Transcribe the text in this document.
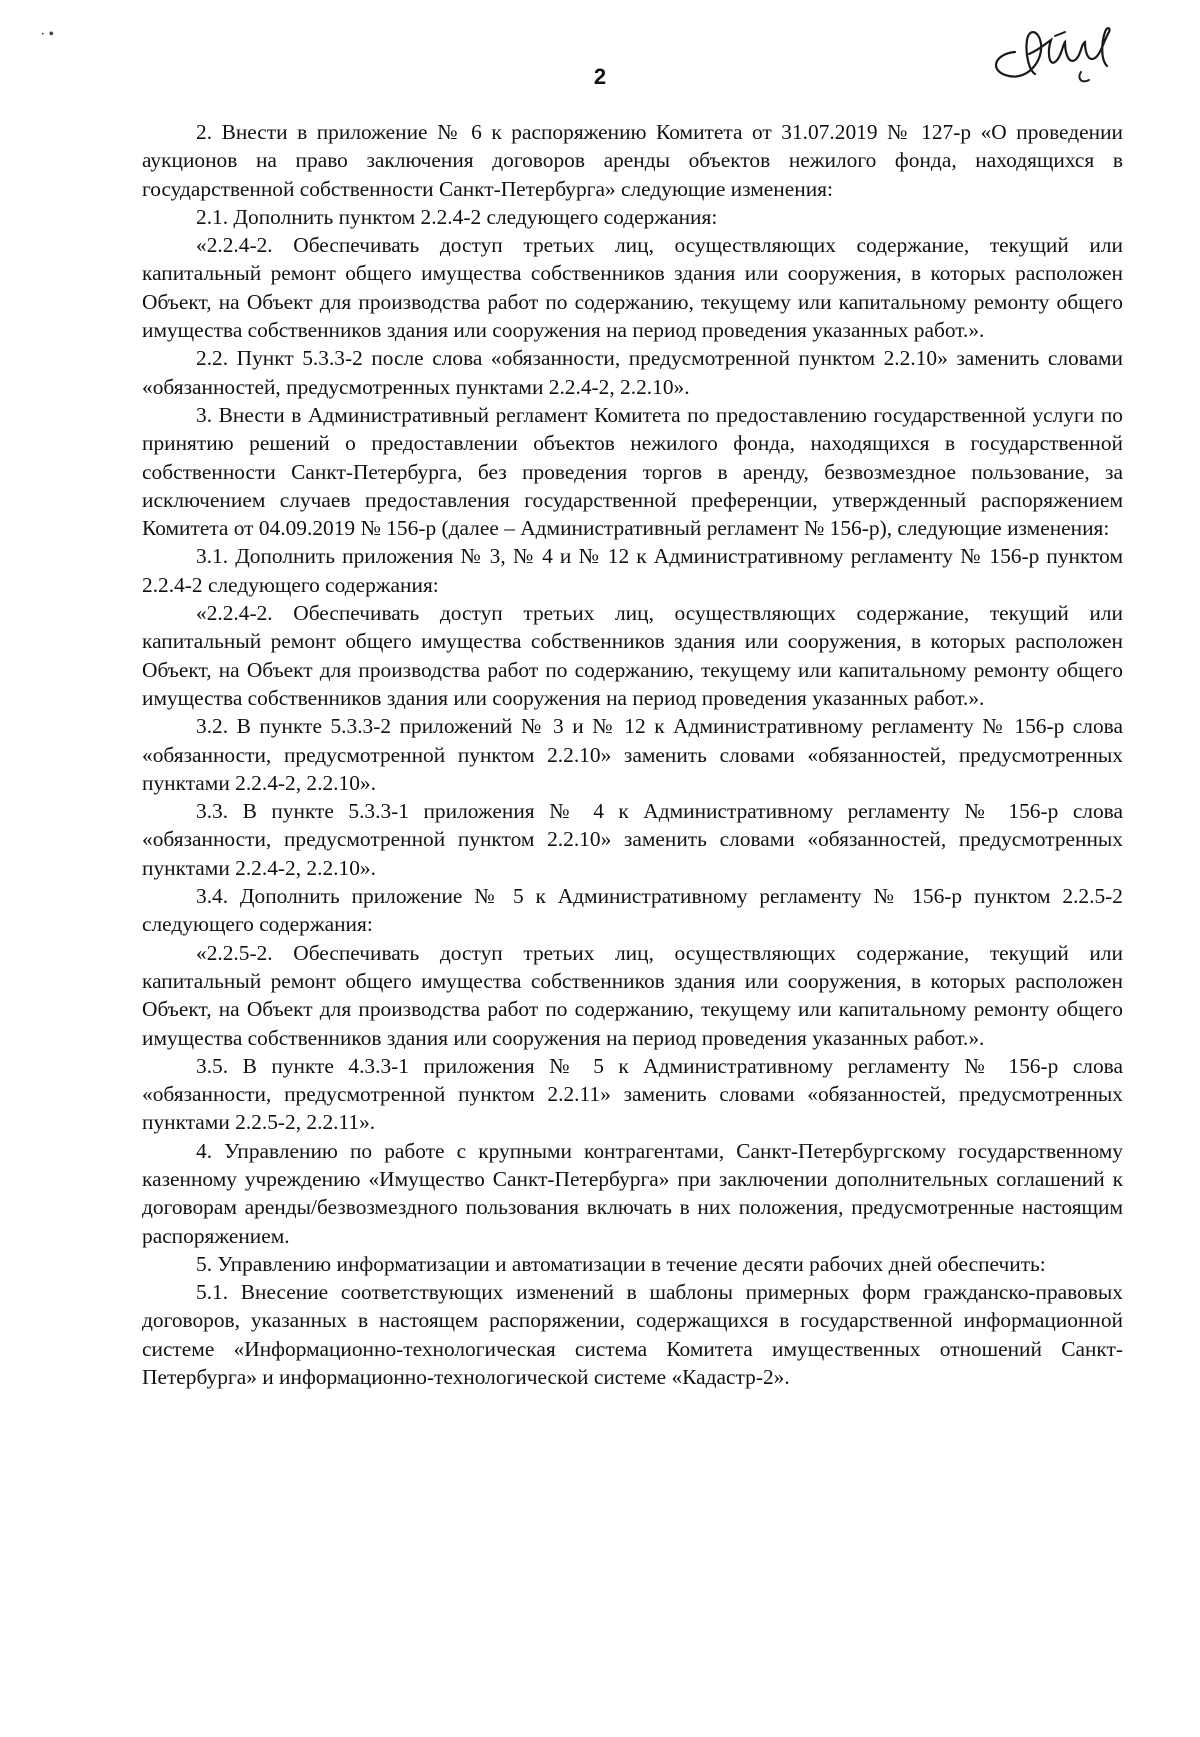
· •
2

2. Внести в приложение № 6 к распоряжению Комитета от 31.07.2019 № 127-р «О проведении аукционов на право заключения договоров аренды объектов нежилого фонда, находящихся в государственной собственности Санкт-Петербурга» следующие изменения:

2.1. Дополнить пунктом 2.2.4-2 следующего содержания:

«2.2.4-2. Обеспечивать доступ третьих лиц, осуществляющих содержание, текущий или капитальный ремонт общего имущества собственников здания или сооружения, в которых расположен Объект, на Объект для производства работ по содержанию, текущему или капитальному ремонту общего имущества собственников здания или сооружения на период проведения указанных работ.».

2.2. Пункт 5.3.3-2 после слова «обязанности, предусмотренной пунктом 2.2.10» заменить словами «обязанностей, предусмотренных пунктами 2.2.4-2, 2.2.10».

3. Внести в Административный регламент Комитета по предоставлению государственной услуги по принятию решений о предоставлении объектов нежилого фонда, находящихся в государственной собственности Санкт-Петербурга, без проведения торгов в аренду, безвозмездное пользование, за исключением случаев предоставления государственной преференции, утвержденный распоряжением Комитета от 04.09.2019 № 156-р (далее – Административный регламент № 156-р), следующие изменения:

3.1. Дополнить приложения № 3, № 4 и № 12 к Административному регламенту № 156-р пунктом 2.2.4-2 следующего содержания:

«2.2.4-2. Обеспечивать доступ третьих лиц, осуществляющих содержание, текущий или капитальный ремонт общего имущества собственников здания или сооружения, в которых расположен Объект, на Объект для производства работ по содержанию, текущему или капитальному ремонту общего имущества собственников здания или сооружения на период проведения указанных работ.».

3.2. В пункте 5.3.3-2 приложений № 3 и № 12 к Административному регламенту № 156-р слова «обязанности, предусмотренной пунктом 2.2.10» заменить словами «обязанностей, предусмотренных пунктами 2.2.4-2, 2.2.10».

3.3. В пункте 5.3.3-1 приложения № 4 к Административному регламенту № 156-р слова «обязанности, предусмотренной пунктом 2.2.10» заменить словами «обязанностей, предусмотренных пунктами 2.2.4-2, 2.2.10».

3.4. Дополнить приложение № 5 к Административному регламенту № 156-р пунктом 2.2.5-2 следующего содержания:

«2.2.5-2. Обеспечивать доступ третьих лиц, осуществляющих содержание, текущий или капитальный ремонт общего имущества собственников здания или сооружения, в которых расположен Объект, на Объект для производства работ по содержанию, текущему или капитальному ремонту общего имущества собственников здания или сооружения на период проведения указанных работ.».

3.5. В пункте 4.3.3-1 приложения № 5 к Административному регламенту № 156-р слова «обязанности, предусмотренной пунктом 2.2.11» заменить словами «обязанностей, предусмотренных пунктами 2.2.5-2, 2.2.11».

4. Управлению по работе с крупными контрагентами, Санкт-Петербургскому государственному казенному учреждению «Имущество Санкт-Петербурга» при заключении дополнительных соглашений к договорам аренды/безвозмездного пользования включать в них положения, предусмотренные настоящим распоряжением.

5. Управлению информатизации и автоматизации в течение десяти рабочих дней обеспечить:

5.1. Внесение соответствующих изменений в шаблоны примерных форм гражданско-правовых договоров, указанных в настоящем распоряжении, содержащихся в государственной информационной системе «Информационно-технологическая система Комитета имущественных отношений Санкт-Петербурга» и информационно-технологической системе «Кадастр-2».
